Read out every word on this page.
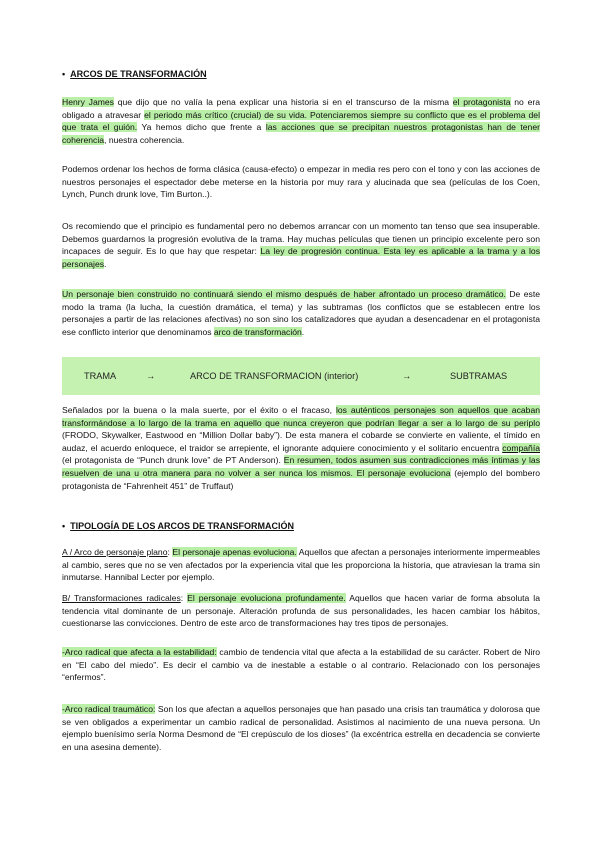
• ARCOS DE TRANSFORMACIÓN

Henry James que dijo que no valía la pena explicar una historia si en el transcurso de la misma el protagonista no era obligado a atravesar el periodo más crítico (crucial) de su vida. Potenciaremos siempre su conflicto que es el problema del que trata el guión. Ya hemos dicho que frente a las acciones que se precipitan nuestros protagonistas han de tener coherencia, nuestra coherencia.

Podemos ordenar los hechos de forma clásica (causa-efecto) o empezar in media res pero con el tono y con las acciones de nuestros personajes el espectador debe meterse en la historia por muy rara y alucinada que sea (películas de los Coen, Lynch, Punch drunk love, Tim Burton..).

Os recomiendo que el principio es fundamental pero no debemos arrancar con un momento tan tenso que sea insuperable. Debemos guardarnos la progresión evolutiva de la trama. Hay muchas películas que tienen un principio excelente pero son incapaces de seguir. Es lo que hay que respetar: La ley de progresión continua. Esta ley es aplicable a la trama y a los personajes.

Un personaje bien construido no continuará siendo el mismo después de haber afrontado un proceso dramático. De este modo la trama (la lucha, la cuestión dramática, el tema) y las subtramas (los conflictos que se establecen entre los personajes a partir de las relaciones afectivas) no son sino los catalizadores que ayudan a desencadenar en el protagonista ese conflicto interior que denominamos arco de transformación.

TRAMA	→	ARCO DE TRANSFORMACION (interior)	→	SUBTRAMAS

Señalados por la buena o la mala suerte, por el éxito o el fracaso, los auténticos personajes son aquellos que acaban transformándose a lo largo de la trama en aquello que nunca creyeron que podrían llegar a ser a lo largo de su periplo (FRODO, Skywalker, Eastwood en “Million Dollar baby”). De esta manera el cobarde se convierte en valiente, el tímido en audaz, el acuerdo enloquece, el traidor se arrepiente, el ignorante adquiere conocimiento y el solitario encuentra compañía (el protagonista de “Punch drunk love” de PT Anderson). En resumen, todos asumen sus contradicciones más íntimas y las resuelven de una u otra manera para no volver a ser nunca los mismos. El personaje evoluciona (ejemplo del bombero protagonista de “Fahrenheit 451” de Truffaut)

• TIPOLOGÍA DE LOS ARCOS DE TRANSFORMACIÓN

A / Arco de personaje plano: El personaje apenas evoluciona. Aquellos que afectan a personajes interiormente impermeables al cambio, seres que no se ven afectados por la experiencia vital que les proporciona la historia, que atraviesan la trama sin inmutarse. Hannibal Lecter por ejemplo.

B/ Transformaciones radicales: El personaje evoluciona profundamente. Aquellos que hacen variar de forma absoluta la tendencia vital dominante de un personaje. Alteración profunda de sus personalidades, les hacen cambiar los hábitos, cuestionarse las convicciones. Dentro de este arco de transformaciones hay tres tipos de personajes.

-Arco radical que afecta a la estabilidad: cambio de tendencia vital que afecta a la estabilidad de su carácter. Robert de Niro en “El cabo del miedo”. Es decir el cambio va de inestable a estable o al contrario. Relacionado con los personajes “enfermos”.

-Arco radical traumático: Son los que afectan a aquellos personajes que han pasado una crisis tan traumática y dolorosa que se ven obligados a experimentar un cambio radical de personalidad. Asistimos al nacimiento de una nueva persona. Un ejemplo buenísimo sería Norma Desmond de “El crepúsculo de los dioses” (la excéntrica estrella en decadencia se convierte en una asesina demente).
